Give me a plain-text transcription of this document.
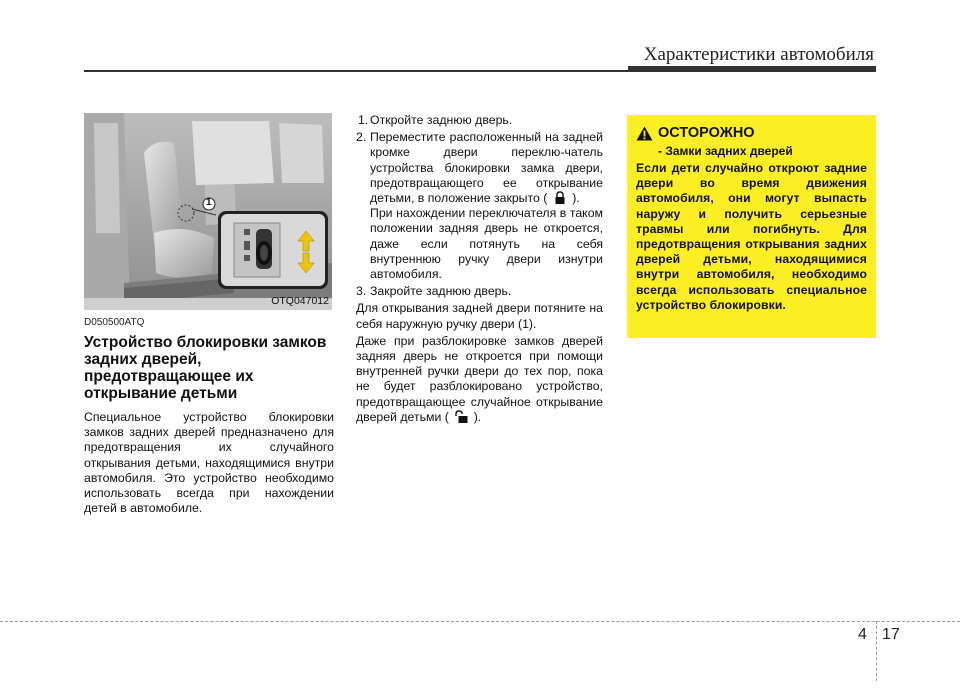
Характеристики автомобиля
1
OTQ047012
D050500ATQ
Устройство блокировки замков задних дверей, предотвращающее их открывание детьми

Специальное устройство блокировки замков задних дверей предназначено для предотвращения их случайного открывания детьми, находящимися внутри автомобиля. Это устройство необходимо использовать всегда при нахождении детей в автомобиле.

1. Откройте заднюю дверь.
2. Переместите расположенный на задней кромке двери переклю-чатель устройства блокировки замка двери, предотвращающего ее открывание детьми, в положение закрыто ( ).
При нахождении переключателя в таком положении задняя дверь не откроется, даже если потянуть на себя внутреннюю ручку двери изнутри автомобиля.
3. Закройте заднюю дверь.

Для открывания задней двери потяните на себя наружную ручку двери (1).

Даже при разблокировке замков дверей задняя дверь не откроется при помощи внутренней ручки двери до тех пор, пока не будет разблокировано устройство, предотвращающее случайное открывание дверей детьми ( ).

ОСТОРОЖНО
- Замки задних дверей
Если дети случайно откроют задние двери во время движения автомобиля, они могут выпасть наружу и получить серьезные травмы или погибнуть. Для предотвращения открывания задних дверей детьми, находящимися внутри автомобиля, необходимо всегда использовать специальное устройство блокировки.
4 17
